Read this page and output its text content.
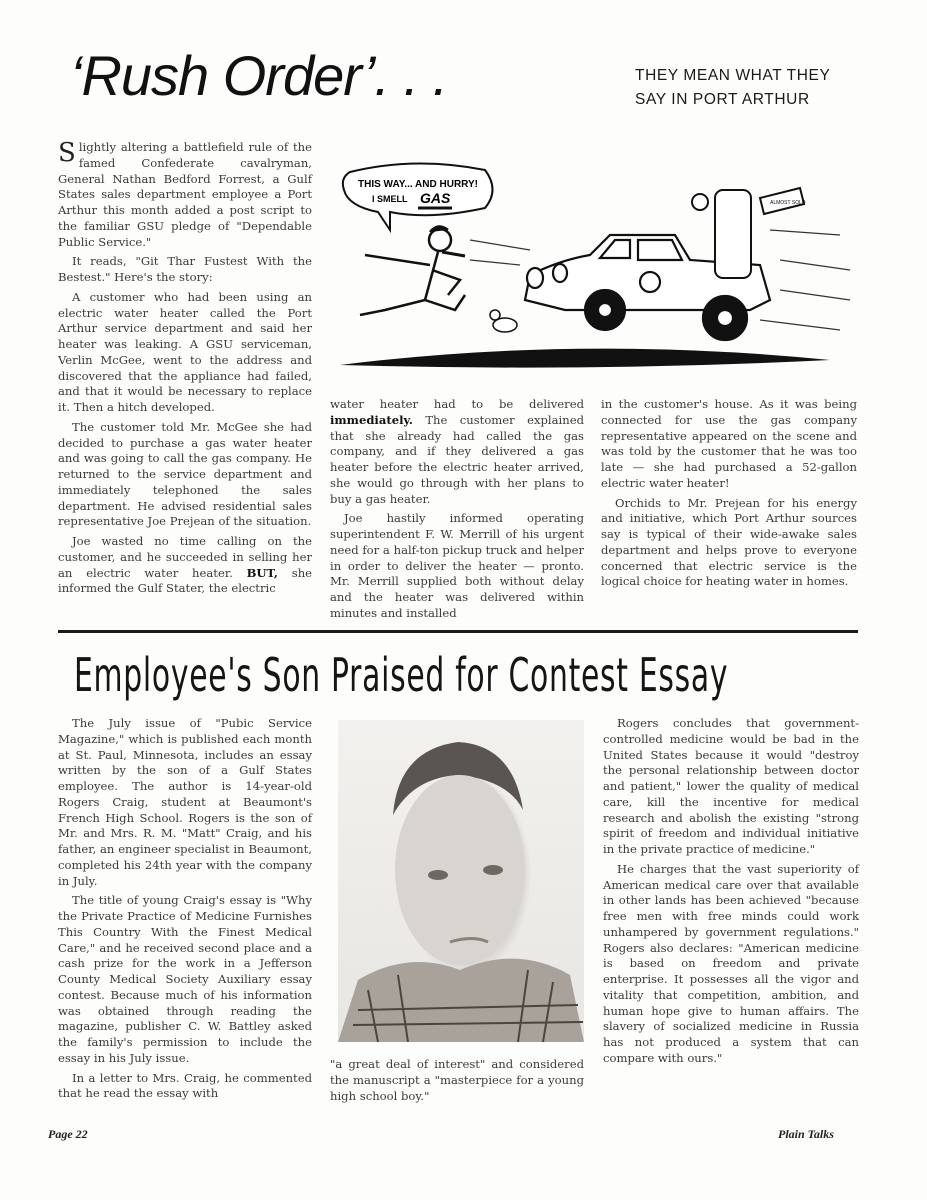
‘Rush Order’. . .	THEY MEAN WHAT THEY
SAY IN PORT ARTHUR

Slightly altering a battlefield rule of the famed Confederate cavalryman, General Nathan Bedford Forrest, a Gulf States sales department employee a Port Arthur this month added a post script to the familiar GSU pledge of "Dependable Public Service."

It reads, "Git Thar Fustest With the Bestest." Here's the story:

A customer who had been using an electric water heater called the Port Arthur service department and said her heater was leaking. A GSU serviceman, Verlin McGee, went to the address and discovered that the appliance had failed, and that it would be necessary to replace it. Then a hitch developed.

The customer told Mr. McGee she had decided to purchase a gas water heater and was going to call the gas company. He returned to the service department and immediately telephoned the sales department. He advised residential sales representative Joe Prejean of the situation.

Joe wasted no time calling on the customer, and he succeeded in selling her an electric water heater. BUT, she informed the Gulf Stater, the electric

THIS WAY... AND HURRY!
I SMELL GAS	ALMOST SOLD

water heater had to be delivered immediately. The customer explained that she already had called the gas company, and if they delivered a gas heater before the electric heater arrived, she would go through with her plans to buy a gas heater.

Joe hastily informed operating superintendent F. W. Merrill of his urgent need for a half-ton pickup truck and helper in order to deliver the heater — pronto. Mr. Merrill supplied both without delay and the heater was delivered within minutes and installed

in the customer's house. As it was being connected for use the gas company representative appeared on the scene and was told by the customer that he was too late — she had purchased a 52-gallon electric water heater!

Orchids to Mr. Prejean for his energy and initiative, which Port Arthur sources say is typical of their wide-awake sales department and helps prove to everyone concerned that electric service is the logical choice for heating water in homes.

Employee's Son Praised for Contest Essay

The July issue of "Pubic Service Magazine," which is published each month at St. Paul, Minnesota, includes an essay written by the son of a Gulf States employee. The author is 14-year-old Rogers Craig, student at Beaumont's French High School. Rogers is the son of Mr. and Mrs. R. M. "Matt" Craig, and his father, an engineer specialist in Beaumont, completed his 24th year with the company in July.

The title of young Craig's essay is "Why the Private Practice of Medicine Furnishes This Country With the Finest Medical Care," and he received second place and a cash prize for the work in a Jefferson County Medical Society Auxiliary essay contest. Because much of his information was obtained through reading the magazine, publisher C. W. Battley asked the family's permission to include the essay in his July issue.

In a letter to Mrs. Craig, he commented that he read the essay with

"a great deal of interest" and considered the manuscript a "masterpiece for a young high school boy."

Rogers concludes that government-controlled medicine would be bad in the United States because it would "destroy the personal relationship between doctor and patient," lower the quality of medical care, kill the incentive for medical research and abolish the existing "strong spirit of freedom and individual initiative in the private practice of medicine."

He charges that the vast superiority of American medical care over that available in other lands has been achieved "because free men with free minds could work unhampered by government regulations." Rogers also declares: "American medicine is based on freedom and private enterprise. It possesses all the vigor and vitality that competition, ambition, and human hope give to human affairs. The slavery of socialized medicine in Russia has not produced a system that can compare with ours."

Page 22	Plain Talks
